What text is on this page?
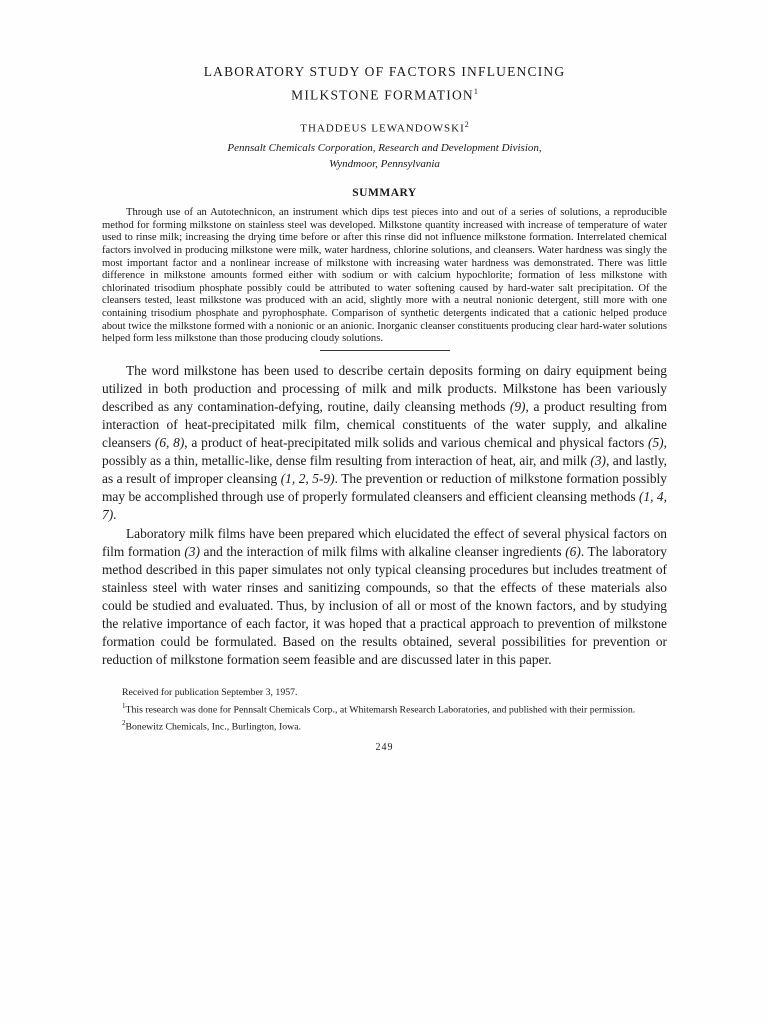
LABORATORY STUDY OF FACTORS INFLUENCING
MILKSTONE FORMATION$^1$

THADDEUS LEWANDOWSKI$^2$
Pennsalt Chemicals Corporation, Research and Development Division,
Wyndmoor, Pennsylvania
SUMMARY

Through use of an Autotechnicon, an instrument which dips test pieces into and out of a series of solutions, a reproducible method for forming milkstone on stainless steel was developed. Milkstone quantity increased with increase of temperature of water used to rinse milk; increasing the drying time before or after this rinse did not influence milkstone formation. Interrelated chemical factors involved in producing milkstone were milk, water hardness, chlorine solutions, and cleansers. Water hardness was singly the most important factor and a nonlinear increase of milkstone with increasing water hardness was demonstrated. There was little difference in milkstone amounts formed either with sodium or with calcium hypochlorite; formation of less milkstone with chlorinated trisodium phosphate possibly could be attributed to water softening caused by hard-water salt precipitation. Of the cleansers tested, least milkstone was produced with an acid, slightly more with a neutral nonionic detergent, still more with one containing trisodium phosphate and pyrophosphate. Comparison of synthetic detergents indicated that a cationic helped produce about twice the milkstone formed with a nonionic or an anionic. Inorganic cleanser constituents producing clear hard-water solutions helped form less milkstone than those producing cloudy solutions.

The word milkstone has been used to describe certain deposits forming on dairy equipment being utilized in both production and processing of milk and milk products. Milkstone has been variously described as any contamination-defying, routine, daily cleansing methods (9), a product resulting from interaction of heat-precipitated milk film, chemical constituents of the water supply, and alkaline cleansers (6, 8), a product of heat-precipitated milk solids and various chemical and physical factors (5), possibly as a thin, metallic-like, dense film resulting from interaction of heat, air, and milk (3), and lastly, as a result of improper cleansing (1, 2, 5-9). The prevention or reduction of milkstone formation possibly may be accomplished through use of properly formulated cleansers and efficient cleansing methods (1, 4, 7).

Laboratory milk films have been prepared which elucidated the effect of several physical factors on film formation (3) and the interaction of milk films with alkaline cleanser ingredients (6). The laboratory method described in this paper simulates not only typical cleansing procedures but includes treatment of stainless steel with water rinses and sanitizing compounds, so that the effects of these materials also could be studied and evaluated. Thus, by inclusion of all or most of the known factors, and by studying the relative importance of each factor, it was hoped that a practical approach to prevention of milkstone formation could be formulated. Based on the results obtained, several possibilities for prevention or reduction of milkstone formation seem feasible and are discussed later in this paper.

Received for publication September 3, 1957.

$^1$This research was done for Pennsalt Chemicals Corp., at Whitemarsh Research Laboratories, and published with their permission.

$^2$Bonewitz Chemicals, Inc., Burlington, Iowa.

249
